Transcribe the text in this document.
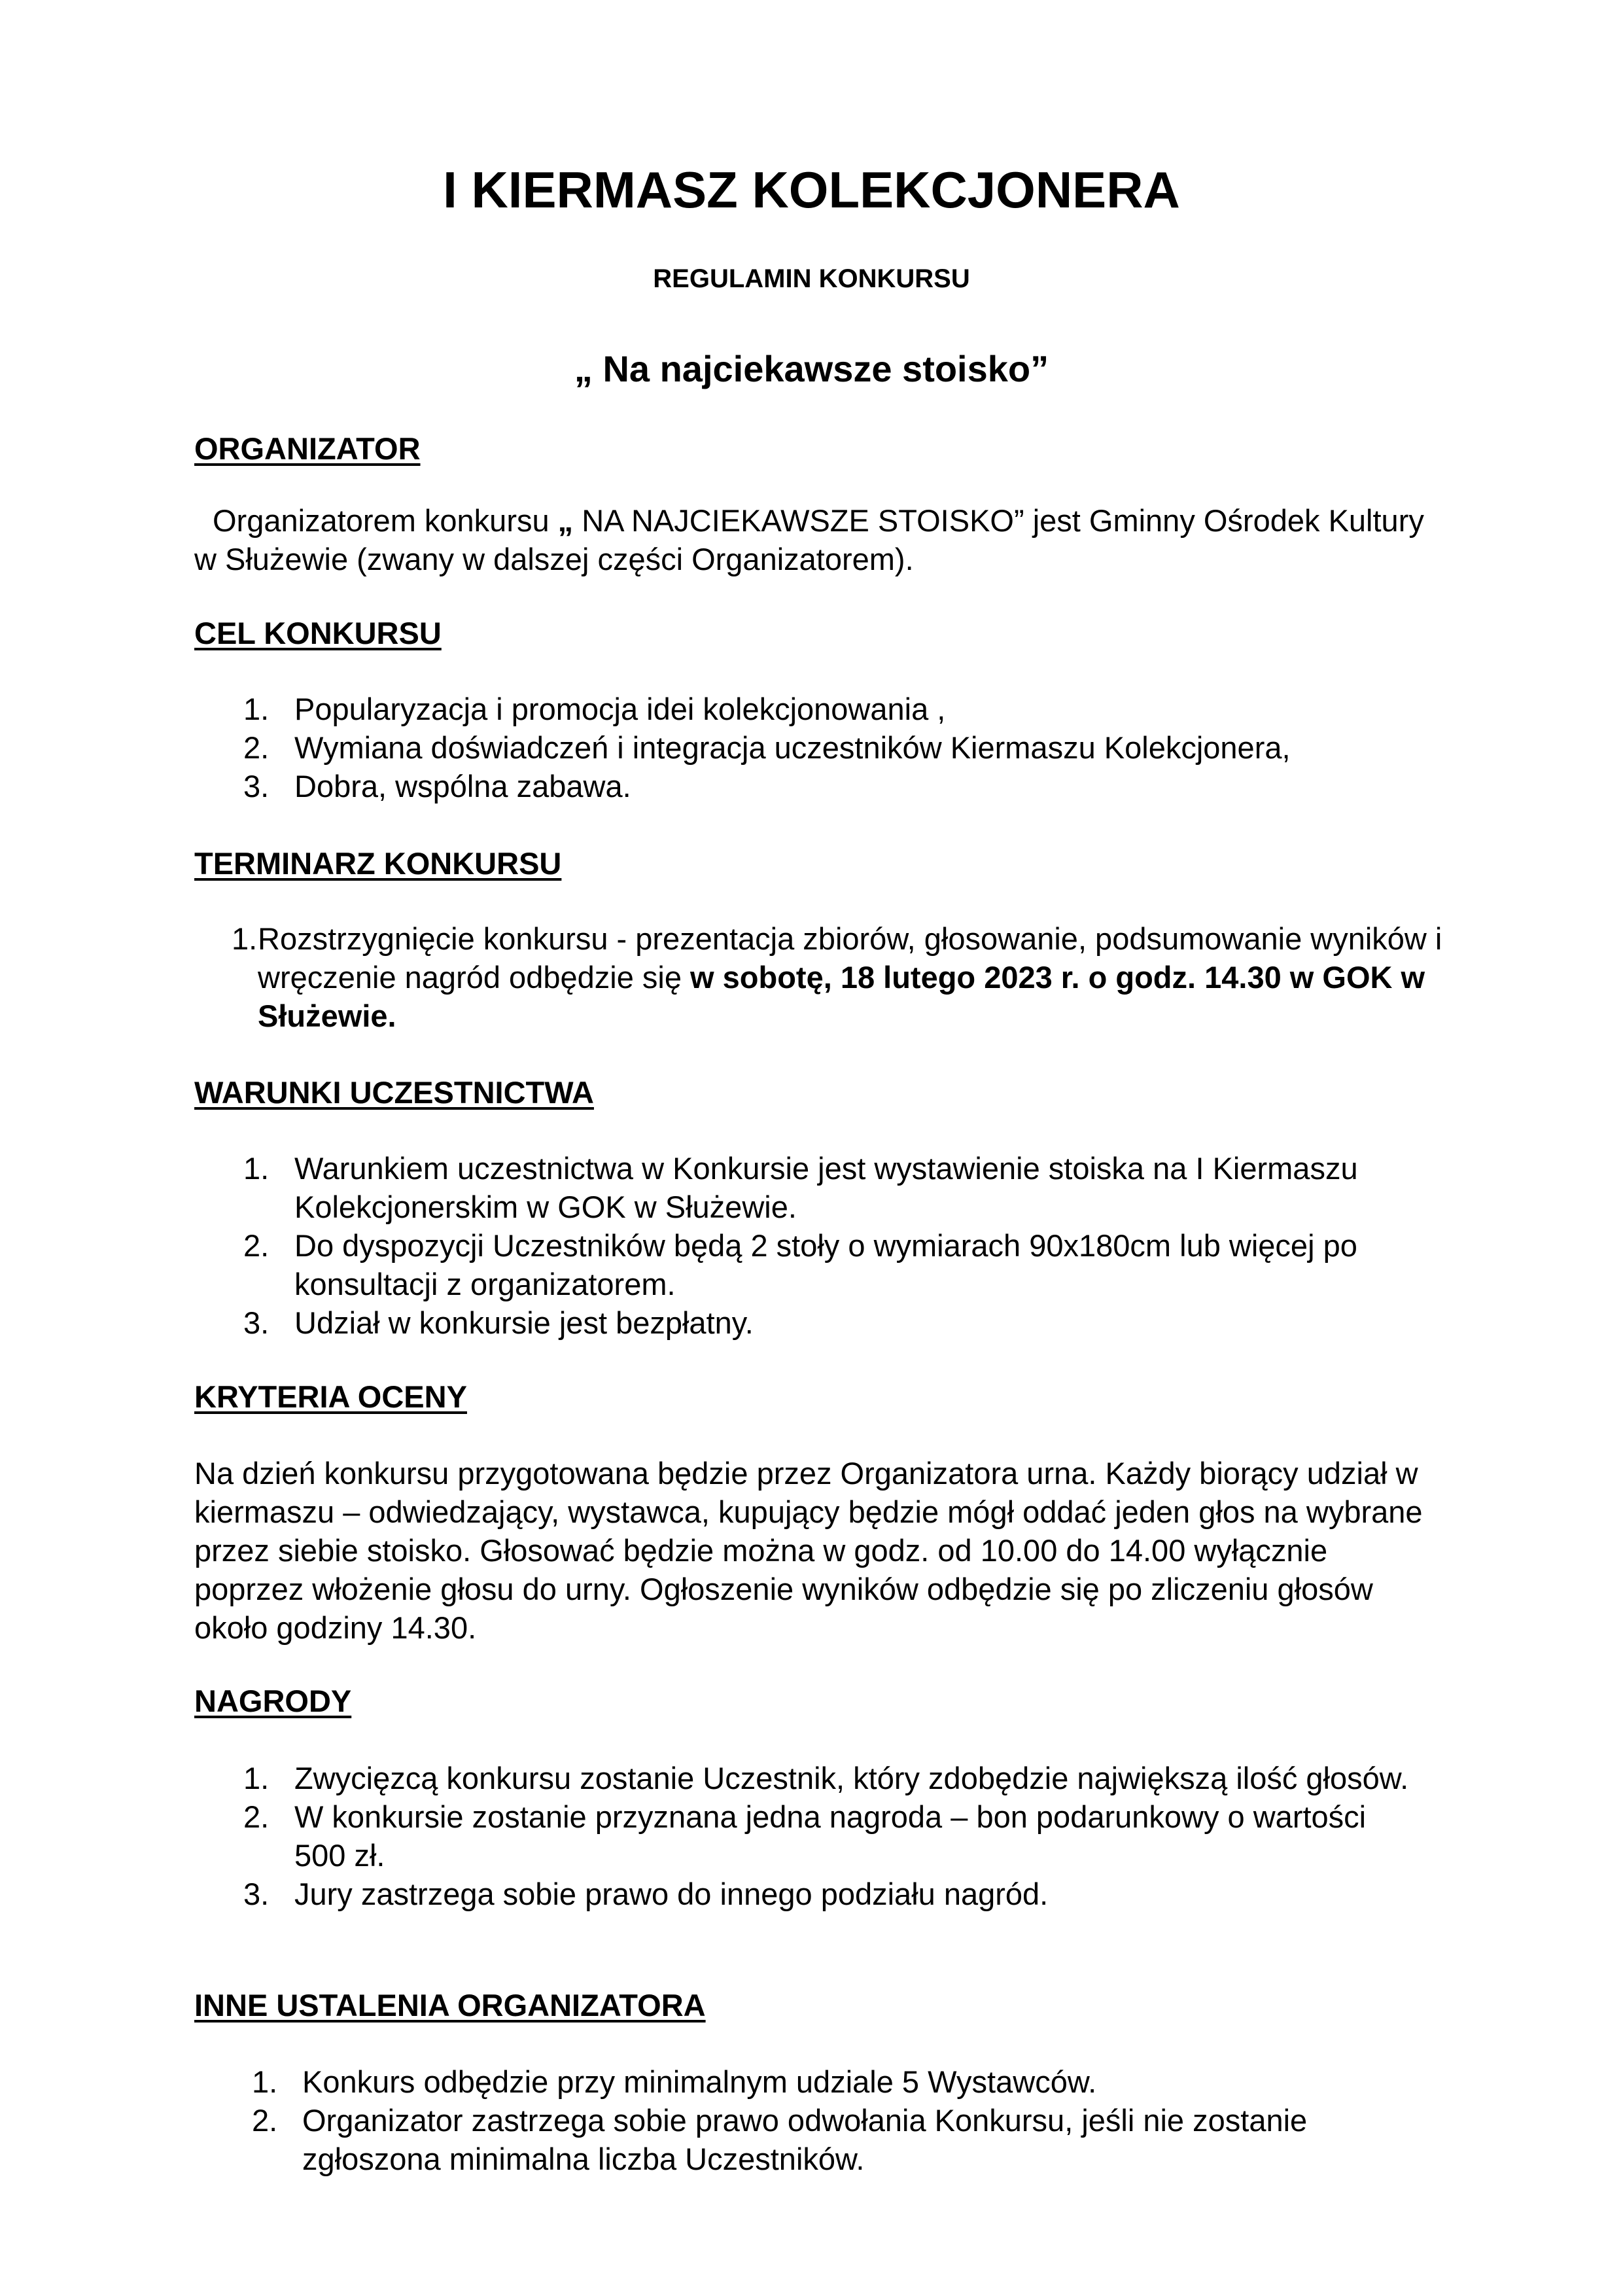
I KIERMASZ KOLEKCJONERA
REGULAMIN KONKURSU
„ Na najciekawsze stoisko”
ORGANIZATOR
Organizatorem konkursu „ NA NAJCIEKAWSZE STOISKO” jest Gminny Ośrodek Kultury w Służewie (zwany w dalszej części Organizatorem).
CEL KONKURSU
1. Popularyzacja i promocja idei kolekcjonowania ,
2. Wymiana doświadczeń i integracja uczestników Kiermaszu Kolekcjonera,
3. Dobra, wspólna zabawa.
TERMINARZ KONKURSU
1. Rozstrzygnięcie konkursu - prezentacja zbiorów, głosowanie, podsumowanie wyników i wręczenie nagród odbędzie się w sobotę, 18 lutego 2023 r. o godz. 14.30 w GOK w Służewie.
WARUNKI UCZESTNICTWA
1. Warunkiem uczestnictwa w Konkursie jest wystawienie stoiska na I Kiermaszu Kolekcjonerskim w GOK w Służewie.
2. Do dyspozycji Uczestników będą 2 stoły o wymiarach 90x180cm lub więcej po konsultacji z organizatorem.
3. Udział w konkursie jest bezpłatny.
KRYTERIA OCENY
Na dzień konkursu przygotowana będzie przez Organizatora urna. Każdy biorący udział w kiermaszu – odwiedzający, wystawca, kupujący będzie mógł oddać jeden głos na wybrane przez siebie stoisko. Głosować będzie można w godz. od 10.00 do 14.00 wyłącznie poprzez włożenie głosu do urny. Ogłoszenie wyników odbędzie się po zliczeniu głosów około godziny 14.30.
NAGRODY
1. Zwycięzcą konkursu zostanie Uczestnik, który zdobędzie największą ilość głosów.
2. W konkursie zostanie przyznana jedna nagroda – bon podarunkowy o wartości 500 zł.
3. Jury zastrzega sobie prawo do innego podziału nagród.
INNE USTALENIA ORGANIZATORA
1. Konkurs odbędzie przy minimalnym udziale 5 Wystawców.
2. Organizator zastrzega sobie prawo odwołania Konkursu, jeśli nie zostanie zgłoszona minimalna liczba Uczestników.
